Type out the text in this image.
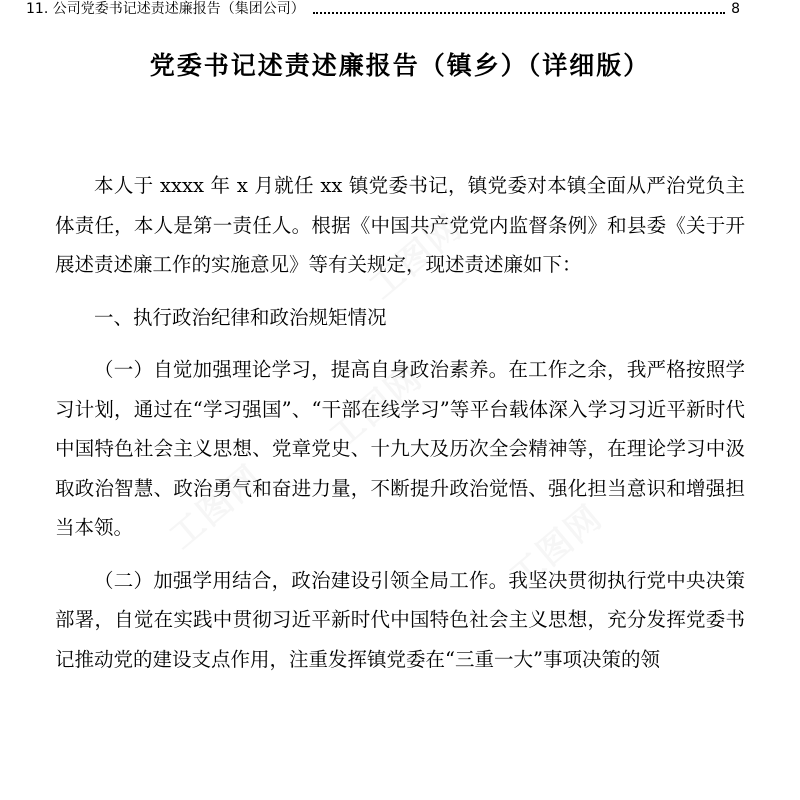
11. 公司党委书记述责述廉报告（集团公司）	8
党委书记述责述廉报告（镇乡）（详细版）

本人于 xxxx 年 x 月就任 xx 镇党委书记，镇党委对本镇全面从严治党负主体责任，本人是第一责任人。根据《中国共产党党内监督条例》和县委《关于开展述责述廉工作的实施意见》等有关规定，现述责述廉如下：

一、执行政治纪律和政治规矩情况

（一）自觉加强理论学习，提高自身政治素养。在工作之余，我严格按照学习计划，通过在“学习强国”、“干部在线学习”等平台载体深入学习习近平新时代中国特色社会主义思想、党章党史、十九大及历次全会精神等，在理论学习中汲取政治智慧、政治勇气和奋进力量，不断提升政治觉悟、强化担当意识和增强担当本领。

（二）加强学用结合，政治建设引领全局工作。我坚决贯彻执行党中央决策部署，自觉在实践中贯彻习近平新时代中国特色社会主义思想，充分发挥党委书记推动党的建设支点作用，注重发挥镇党委在“三重一大”事项决策的领

工图网
工图网	工图网
工图网
